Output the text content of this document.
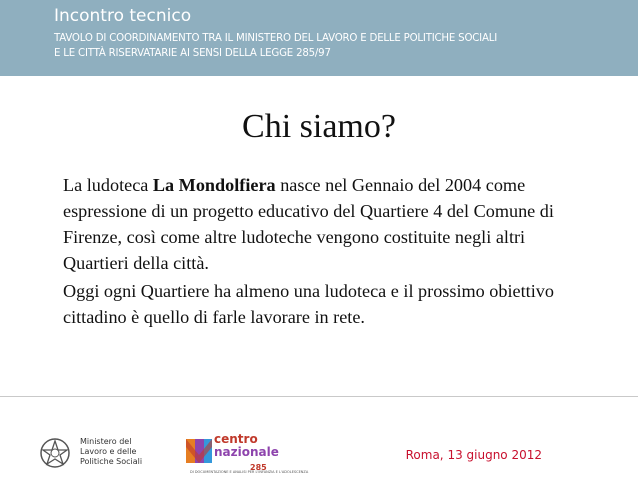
Incontro tecnico
TAVOLO DI COORDINAMENTO TRA IL MINISTERO DEL LAVORO E DELLE POLITICHE SOCIALI
E LE CITTÀ RISERVATARIE AI SENSI DELLA LEGGE 285/97
Chi siamo?
La ludoteca La Mondolfiera nasce nel Gennaio del 2004 come espressione di un progetto educativo del Quartiere 4 del Comune di Firenze, così come altre ludoteche vengono costituite negli altri Quartieri della città.
Oggi ogni Quartiere ha almeno una ludoteca e il prossimo obiettivo cittadino è quello di farle lavorare in rete.
Ministero del
Lavoro e delle
Politiche Sociali
centro
nazionale
DI DOCUMENTAZIONE E ANALISI PER L'INFANZIA E L'ADOLESCENZA
285
Roma, 13 giugno 2012
